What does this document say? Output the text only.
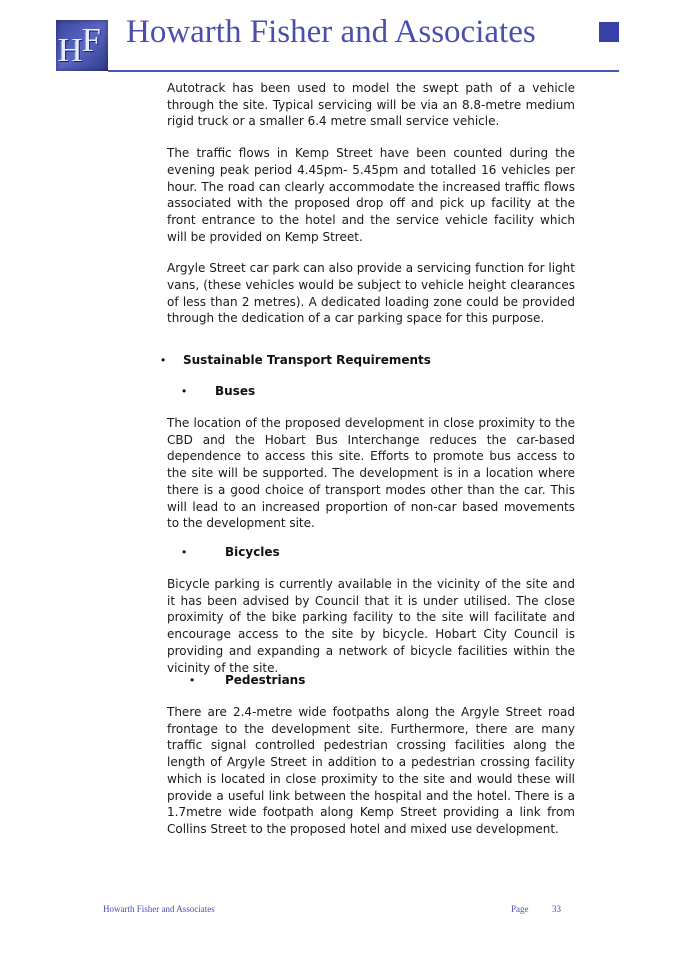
H F Howarth Fisher and Associates

Autotrack has been used to model the swept path of a vehicle through the site. Typical servicing will be via an 8.8-metre medium rigid truck or a smaller 6.4 metre small service vehicle.

The traffic flows in Kemp Street have been counted during the evening peak period 4.45pm- 5.45pm and totalled 16 vehicles per hour. The road can clearly accommodate the increased traffic flows associated with the proposed drop off and pick up facility at the front entrance to the hotel and the service vehicle facility which will be provided on Kemp Street.

Argyle Street car park can also provide a servicing function for light vans, (these vehicles would be subject to vehicle height clearances of less than 2 metres). A dedicated loading zone could be provided through the dedication of a car parking space for this purpose.

• Sustainable Transport Requirements
• Buses

The location of the proposed development in close proximity to the CBD and the Hobart Bus Interchange reduces the car-based dependence to access this site. Efforts to promote bus access to the site will be supported. The development is in a location where there is a good choice of transport modes other than the car. This will lead to an increased proportion of non-car based movements to the development site.

•	Bicycles

Bicycle parking is currently available in the vicinity of the site and it has been advised by Council that it is under utilised. The close proximity of the bike parking facility to the site will facilitate and encourage access to the site by bicycle. Hobart City Council is providing and expanding a network of bicycle facilities within the vicinity of the site.

•	Pedestrians

There are 2.4-metre wide footpaths along the Argyle Street road frontage to the development site. Furthermore, there are many traffic signal controlled pedestrian crossing facilities along the length of Argyle Street in addition to a pedestrian crossing facility which is located in close proximity to the site and would these will provide a useful link between the hospital and the hotel. There is a 1.7metre wide footpath along Kemp Street providing a link from Collins Street to the proposed hotel and mixed use development.

Howarth Fisher and Associates	Page	33
